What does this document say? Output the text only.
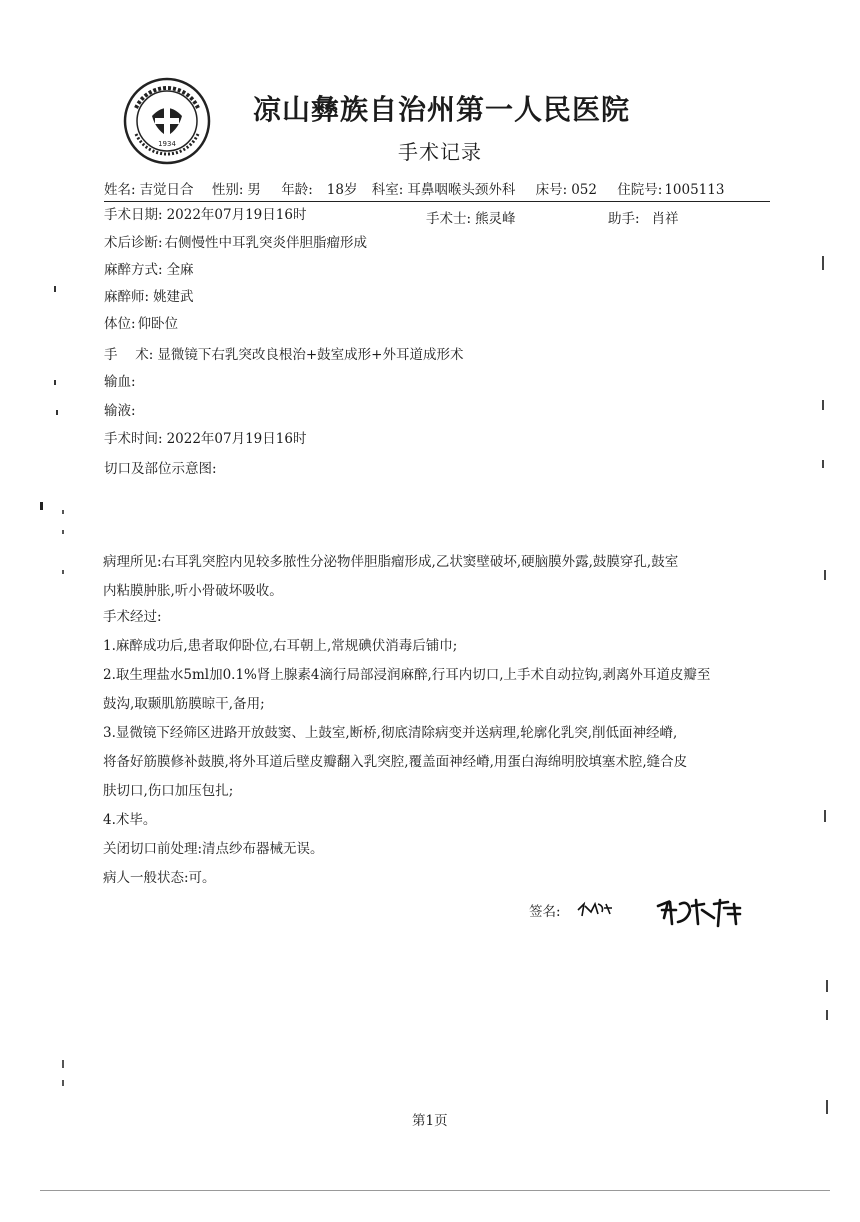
1934
凉山彝族自治州第一人民医院
手术记录
姓名: 吉觉日合 性别: 男 年龄: 18岁 科室: 耳鼻咽喉头颈外科 床号: 052 住院号: 1005113
手术日期: 2022年07月19日16时	手术士: 熊灵峰	助手: 肖祥
术后诊断: 右侧慢性中耳乳突炎伴胆脂瘤形成
麻醉方式: 全麻
麻醉师: 姚建武
体位: 仰卧位
手　 术: 显微镜下右乳突改良根治+鼓室成形+外耳道成形术
输血:
输液:
手术时间: 2022年07月19日16时
切口及部位示意图:
病理所见:右耳乳突腔内见较多脓性分泌物伴胆脂瘤形成,乙状窦壁破坏,硬脑膜外露,鼓膜穿孔,鼓室
内粘膜肿胀,听小骨破坏吸收。
手术经过:
1.麻醉成功后,患者取仰卧位,右耳朝上,常规碘伏消毒后铺巾;
2.取生理盐水5ml加0.1%肾上腺素4滴行局部浸润麻醉,行耳内切口,上手术自动拉钩,剥离外耳道皮瓣至
鼓沟,取颞肌筋膜晾干,备用;
3.显微镜下经筛区进路开放鼓窦、上鼓室,断桥,彻底清除病变并送病理,轮廓化乳突,削低面神经嵴,
将备好筋膜修补鼓膜,将外耳道后壁皮瓣翻入乳突腔,覆盖面神经嵴,用蛋白海绵明胶填塞术腔,缝合皮
肤切口,伤口加压包扎;
4.术毕。
关闭切口前处理:清点纱布器械无误。
病人一般状态:可。
签名:
第1页
